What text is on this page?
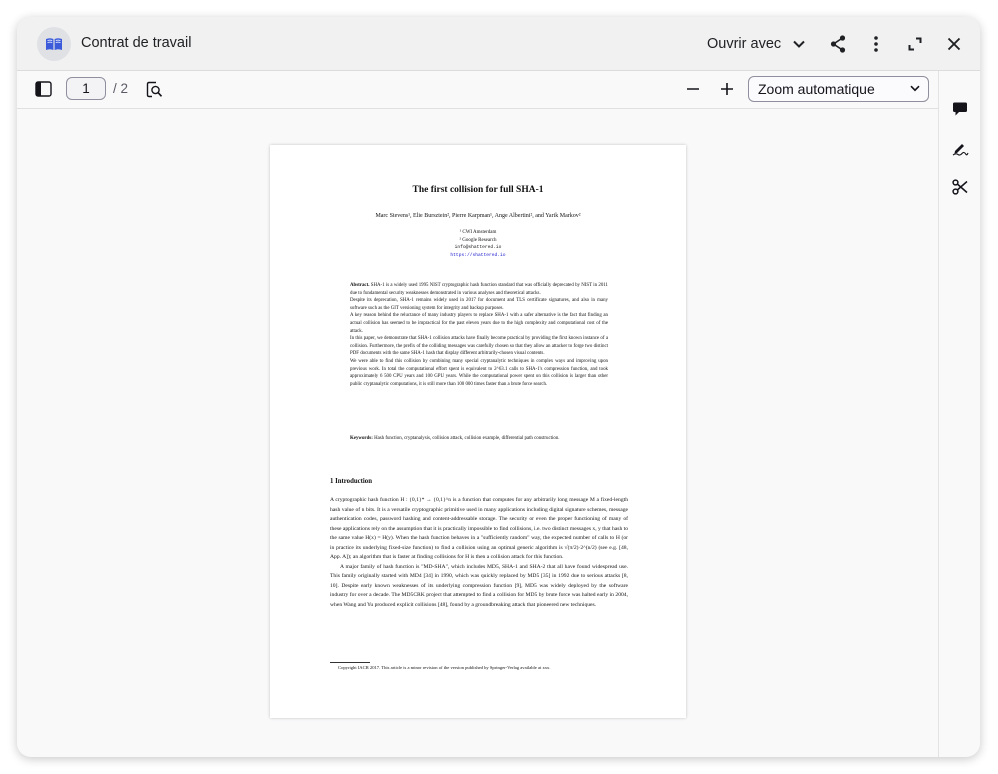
Contrat de travail	Ouvrir avec
1
/ 2	Zoom automatique
The first collision for full SHA-1
Marc Stevens¹, Elie Bursztein², Pierre Karpman¹, Ange Albertini², and Yarik Markov²
¹ CWI Amsterdam
² Google Research
info@shattered.io
https://shattered.io

Abstract. SHA-1 is a widely used 1995 NIST cryptographic hash function standard that was officially deprecated by NIST in 2011 due to fundamental security weaknesses demonstrated in various analyses and theoretical attacks.

Despite its deprecation, SHA-1 remains widely used in 2017 for document and TLS certificate signatures, and also in many software such as the GIT versioning system for integrity and backup purposes.

A key reason behind the reluctance of many industry players to replace SHA-1 with a safer alternative is the fact that finding an actual collision has seemed to be impractical for the past eleven years due to the high complexity and computational cost of the attack.

In this paper, we demonstrate that SHA-1 collision attacks have finally become practical by providing the first known instance of a collision. Furthermore, the prefix of the colliding messages was carefully chosen so that they allow an attacker to forge two distinct PDF documents with the same SHA-1 hash that display different arbitrarily-chosen visual contents.

We were able to find this collision by combining many special cryptanalytic techniques in complex ways and improving upon previous work. In total the computational effort spent is equivalent to 2^63.1 calls to SHA-1's compression function, and took approximately 6 500 CPU years and 100 GPU years. While the computational power spent on this collision is larger than other public cryptanalytic computations, it is still more than 100 000 times faster than a brute force search.

Keywords: Hash function, cryptanalysis, collision attack, collision example, differential path construction.

1 Introduction

A cryptographic hash function H : {0,1}* → {0,1}^n is a function that computes for any arbitrarily long message M a fixed-length hash value of n bits. It is a versatile cryptographic primitive used in many applications including digital signature schemes, message authentication codes, password hashing and content-addressable storage. The security or even the proper functioning of many of these applications rely on the assumption that it is practically impossible to find collisions, i.e. two distinct messages x, y that hash to the same value H(x) = H(y). When the hash function behaves in a "sufficiently random" way, the expected number of calls to H (or in practice its underlying fixed-size function) to find a collision using an optimal generic algorithm is √(π/2)·2^(n/2) (see e.g. [48, App. A]); an algorithm that is faster at finding collisions for H is then a collision attack for this function.

A major family of hash function is "MD-SHA", which includes MD5, SHA-1 and SHA-2 that all have found widespread use. This family originally started with MD4 [34] in 1990, which was quickly replaced by MD5 [35] in 1992 due to serious attacks [8, 10]. Despite early known weaknesses of its underlying compression function [9], MD5 was widely deployed by the software industry for over a decade. The MD5CRK project that attempted to find a collision for MD5 by brute force was halted early in 2004, when Wang and Yu produced explicit collisions [48], found by a groundbreaking attack that pioneered new techniques.

Copyright IACR 2017. This article is a minor revision of the version published by Springer-Verlag available at xxx.
